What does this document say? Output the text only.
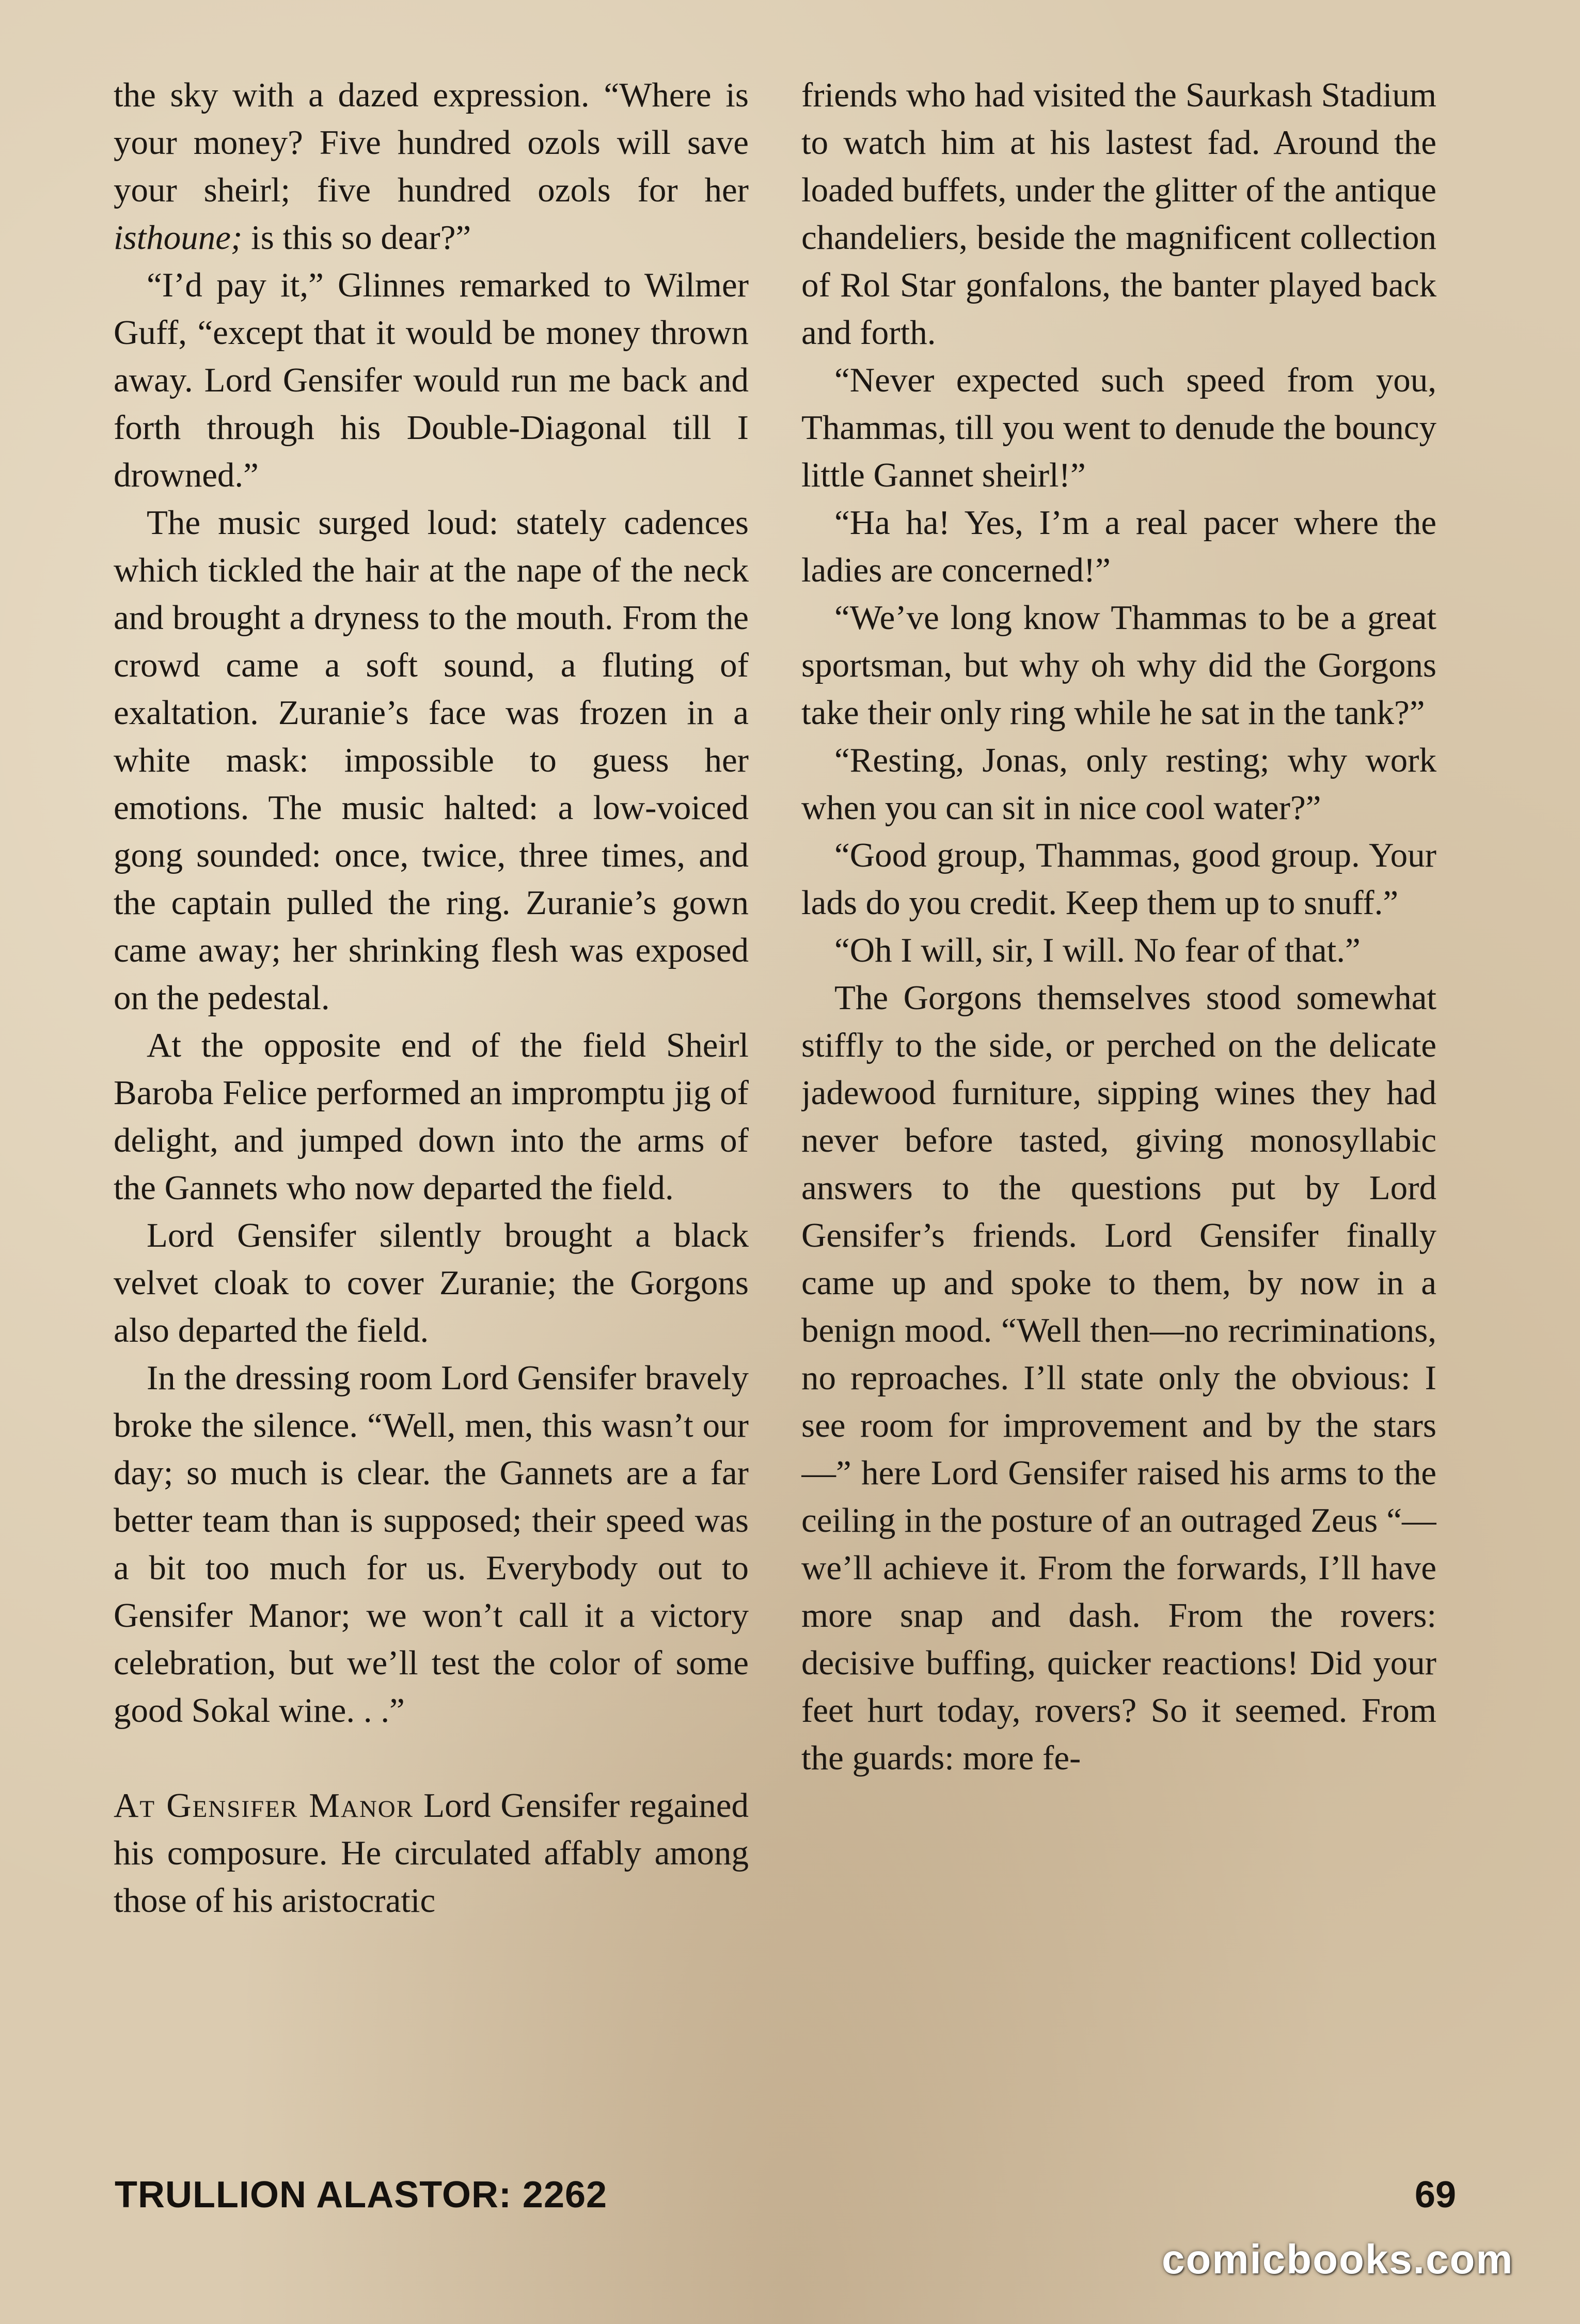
the sky with a dazed expression. “Where is your money? Five hundred ozols will save your sheirl; five hundred ozols for her isthoune; is this so dear?”

“I’d pay it,” Glinnes remarked to Wilmer Guff, “except that it would be money thrown away. Lord Gensifer would run me back and forth through his Double-Diagonal till I drowned.”

The music surged loud: stately cadences which tickled the hair at the nape of the neck and brought a dryness to the mouth. From the crowd came a soft sound, a fluting of exaltation. Zuranie’s face was frozen in a white mask: impossible to guess her emotions. The music halted: a low-voiced gong sounded: once, twice, three times, and the captain pulled the ring. Zuranie’s gown came away; her shrinking flesh was exposed on the pedestal.

At the opposite end of the field Sheirl Baroba Felice performed an impromptu jig of delight, and jumped down into the arms of the Gannets who now departed the field.

Lord Gensifer silently brought a black velvet cloak to cover Zuranie; the Gorgons also departed the field.

In the dressing room Lord Gensifer bravely broke the silence. “Well, men, this wasn’t our day; so much is clear. the Gannets are a far better team than is supposed; their speed was a bit too much for us. Everybody out to Gensifer Manor; we won’t call it a victory celebration, but we’ll test the color of some good Sokal wine. . .”

At Gensifer Manor Lord Gensifer regained his composure. He circulated affably among those of his aristocratic

friends who had visited the Saurkash Stadium to watch him at his lastest fad. Around the loaded buffets, under the glitter of the antique chandeliers, beside the magnificent collection of Rol Star gonfalons, the banter played back and forth.

“Never expected such speed from you, Thammas, till you went to denude the bouncy little Gannet sheirl!”

“Ha ha! Yes, I’m a real pacer where the ladies are concerned!”

“We’ve long know Thammas to be a great sportsman, but why oh why did the Gorgons take their only ring while he sat in the tank?”

“Resting, Jonas, only resting; why work when you can sit in nice cool water?”

“Good group, Thammas, good group. Your lads do you credit. Keep them up to snuff.”

“Oh I will, sir, I will. No fear of that.”

The Gorgons themselves stood somewhat stiffly to the side, or perched on the delicate jadewood furniture, sipping wines they had never before tasted, giving monosyllabic answers to the questions put by Lord Gensifer’s friends. Lord Gensifer finally came up and spoke to them, by now in a benign mood. “Well then—no recriminations, no reproaches. I’ll state only the obvious: I see room for improvement and by the stars—” here Lord Gensifer raised his arms to the ceiling in the posture of an outraged Zeus “—we’ll achieve it. From the forwards, I’ll have more snap and dash. From the rovers: decisive buffing, quicker reactions! Did your feet hurt today, rovers? So it seemed. From the guards: more fe-

TRULLION ALASTOR: 2262	69
comicbooks.com
